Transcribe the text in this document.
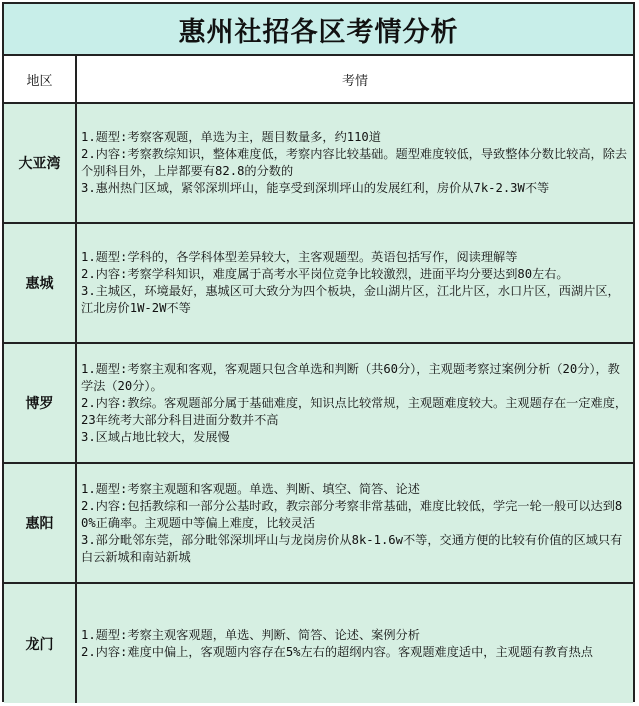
惠州社招各区考情分析
地区	考情
大亚湾	1.题型:考察客观题，单选为主，题目数量多，约110道
2.内容:考察教综知识，整体难度低，考察内容比较基础。题型难度较低，导致整体分数比较高，除去个别科目外，上岸都要有82.8的分数的
3.惠州热门区域，紧邻深圳坪山，能享受到深圳坪山的发展红利，房价从7k-2.3W不等

惠城	1.题型:学科的，各学科体型差异较大，主客观题型。英语包括写作，阅读理解等
2.内容:考察学科知识，难度属于高考水平岗位竞争比较激烈，进面平均分要达到80左右。
3.主城区，环境最好，惠城区可大致分为四个板块，金山湖片区，江北片区，水口片区，西湖片区，江北房价1W-2W不等

博罗	1.题型:考察主观和客观，客观题只包含单选和判断（共60分），主观题考察过案例分析（20分），教学法（20分）。
2.内容:教综。客观题部分属于基础难度，知识点比较常规，主观题难度较大。主观题存在一定难度，23年统考大部分科目进面分数并不高
3.区域占地比较大，发展慢

惠阳	1.题型:考察主观题和客观题。单选、判断、填空、简答、论述
2.内容:包括教综和一部分公基时政，教宗部分考察非常基础，难度比较低，学完一轮一般可以达到80%正确率。主观题中等偏上难度，比较灵活
3.部分毗邻东莞，部分毗邻深圳坪山与龙岗房价从8k-1.6w不等，交通方便的比较有价值的区域只有白云新城和南站新城

龙门	1.题型:考察主观客观题，单选、判断、简答、论述、案例分析
2.内容:难度中偏上，客观题内容存在5%左右的超纲内容。客观题难度适中，主观题有教育热点
